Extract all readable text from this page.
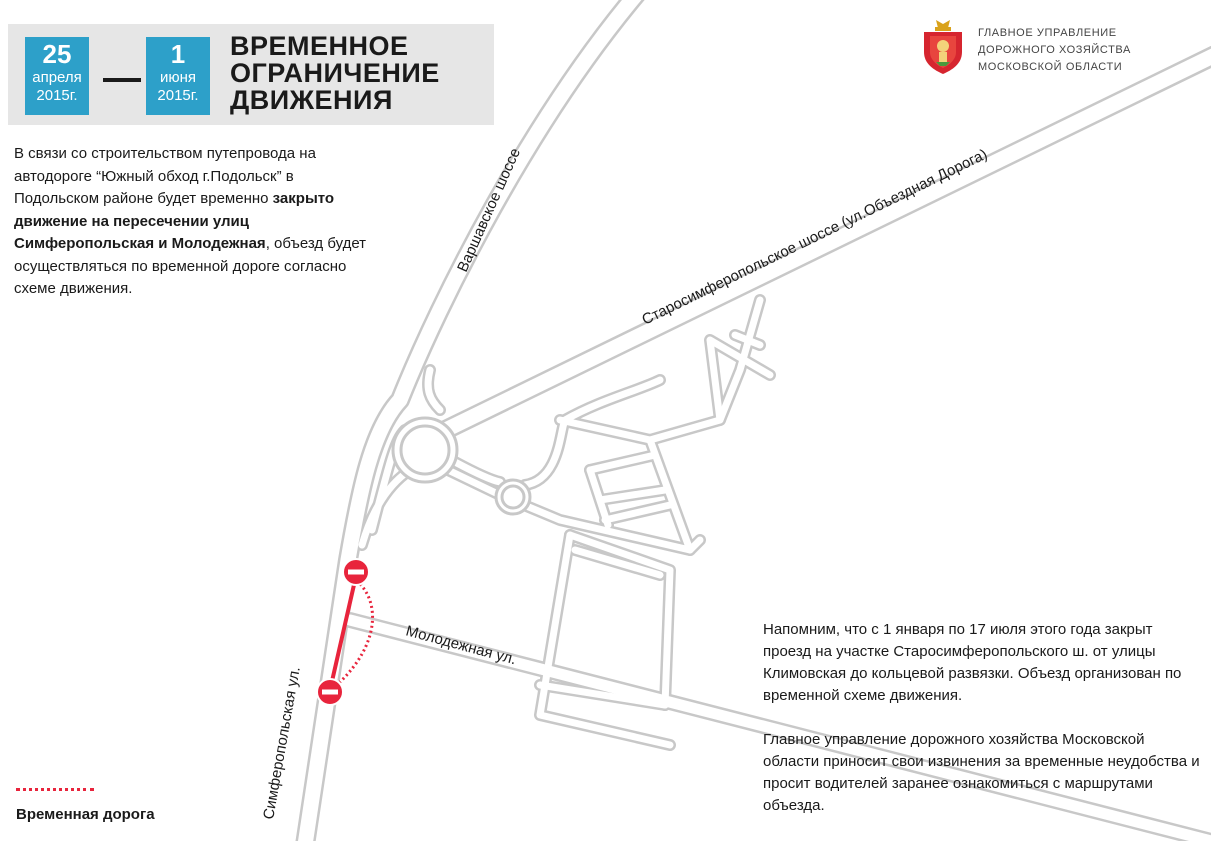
Варшавское шоссе	Старосимферопольское шоссе (ул.Объездная Дорога)
Молодежная ул.
Симферопольская ул.
25
апреля
2015г.
1
июня
2015г.
ВРЕМЕННОЕ
ОГРАНИЧЕНИЕ
ДВИЖЕНИЯ
ГЛАВНОЕ УПРАВЛЕНИЕ
ДОРОЖНОГО ХОЗЯЙСТВА
МОСКОВСКОЙ ОБЛАСТИ
В связи со строительством путепровода на автодороге “Южный обход г.Подольск” в Подольском районе будет временно закрыто движение на пересечении улиц Симферопольская и Молодежная, объезд будет осуществляться по временной дороге согласно схеме движения.

Напомним, что с 1 января по 17 июля этого года закрыт проезд на участке Старосимферопольского ш. от улицы Климовская до кольцевой развязки. Объезд организован по временной схеме движения.

Главное управление дорожного хозяйства Московской области приносит свои извинения за временные неудобства и просит водителей заранее ознакомиться с маршрутами объезда.

Временная дорога
